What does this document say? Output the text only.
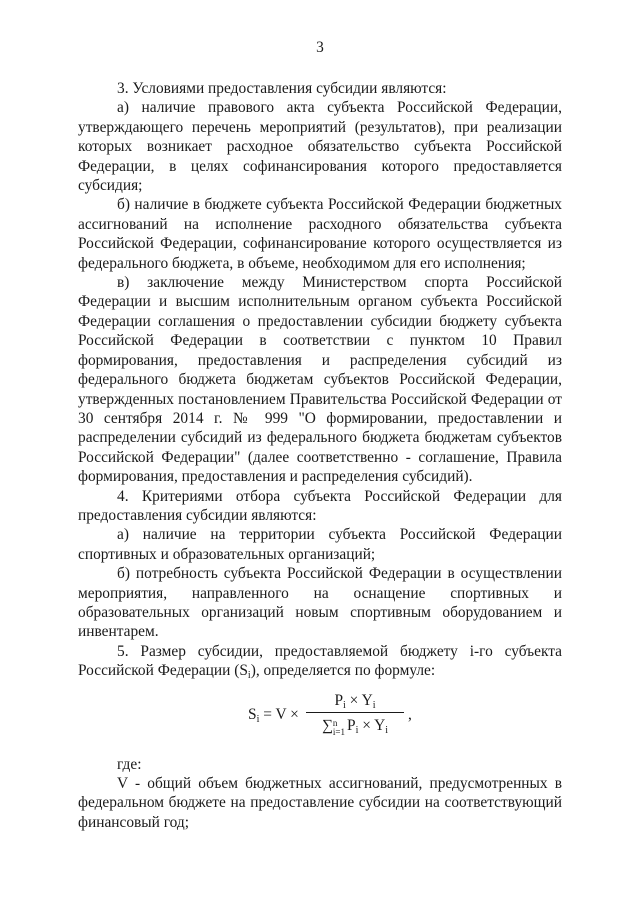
3

3. Условиями предоставления субсидии являются:

а) наличие правового акта субъекта Российской Федерации, утверждающего перечень мероприятий (результатов), при реализации которых возникает расходное обязательство субъекта Российской Федерации, в целях софинансирования которого предоставляется субсидия;

б) наличие в бюджете субъекта Российской Федерации бюджетных ассигнований на исполнение расходного обязательства субъекта Российской Федерации, софинансирование которого осуществляется из федерального бюджета, в объеме, необходимом для его исполнения;

в) заключение между Министерством спорта Российской Федерации и высшим исполнительным органом субъекта Российской Федерации соглашения о предоставлении субсидии бюджету субъекта Российской Федерации в соответствии с пунктом 10 Правил формирования, предоставления и распределения субсидий из федерального бюджета бюджетам субъектов Российской Федерации, утвержденных постановлением Правительства Российской Федерации от 30 сентября 2014 г. № 999 "О формировании, предоставлении и распределении субсидий из федерального бюджета бюджетам субъектов Российской Федерации" (далее соответственно - соглашение, Правила формирования, предоставления и распределения субсидий).

4. Критериями отбора субъекта Российской Федерации для предоставления субсидии являются:

а) наличие на территории субъекта Российской Федерации спортивных и образовательных организаций;

б) потребность субъекта Российской Федерации в осуществлении мероприятия, направленного на оснащение спортивных и образовательных организаций новым спортивным оборудованием и инвентарем.

5. Размер субсидии, предоставляемой бюджету i-го субъекта Российской Федерации $(S_i)$, определяется по формуле:

$S_i = V$ ×
$P_i \times Y_i$
∑ n
i=1 $P_i \times Y_i$
,

где:

V - общий объем бюджетных ассигнований, предусмотренных в федеральном бюджете на предоставление субсидии на соответствующий финансовый год;
